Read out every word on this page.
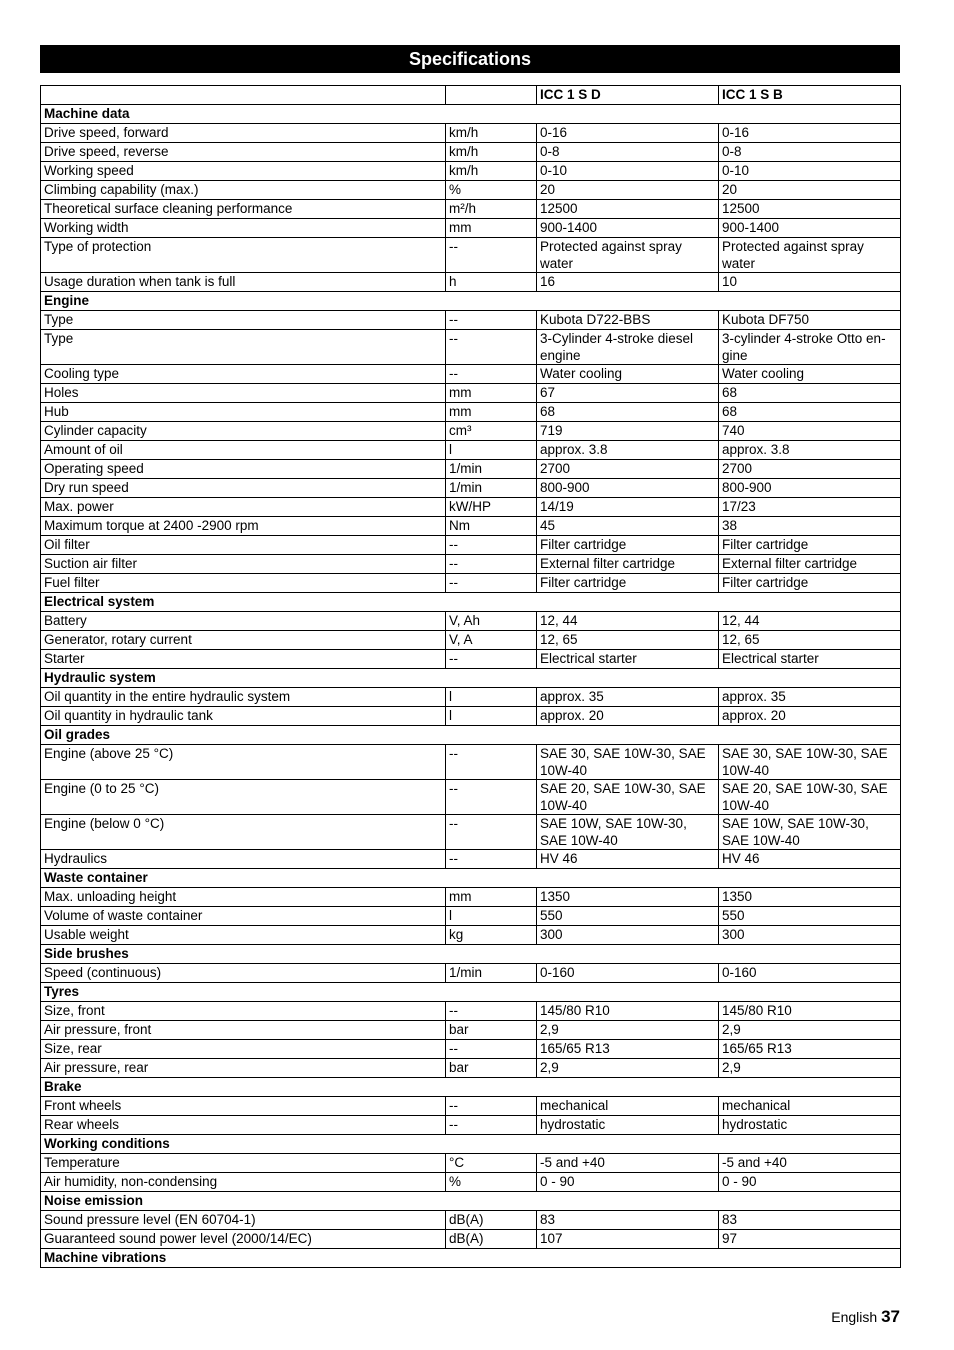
Specifications
		ICC 1 S D	ICC 1 S B
Machine data			
Drive speed, forward	km/h	0-16	0-16
Drive speed, reverse	km/h	0-8	0-8
Working speed	km/h	0-10	0-10
Climbing capability (max.)	%	20	20
Theoretical surface cleaning performance	m²/h	12500	12500
Working width	mm	900-1400	900-1400
Type of protection	--	Protected against spray water	Protected against spray water
Usage duration when tank is full	h	16	10
Engine			
Type	--	Kubota D722-BBS	Kubota DF750
Type	--	3-Cylinder 4-stroke diesel engine	3-cylinder 4-stroke Otto en-gine
Cooling type	--	Water cooling	Water cooling
Holes	mm	67	68
Hub	mm	68	68
Cylinder capacity	cm³	719	740
Amount of oil	l	approx. 3.8	approx. 3.8
Operating speed	1/min	2700	2700
Dry run speed	1/min	800-900	800-900
Max. power	kW/HP	14/19	17/23
Maximum torque at 2400 -2900 rpm	Nm	45	38
Oil filter	--	Filter cartridge	Filter cartridge
Suction air filter	--	External filter cartridge	External filter cartridge
Fuel filter	--	Filter cartridge	Filter cartridge
Electrical system			
Battery	V, Ah	12, 44	12, 44
Generator, rotary current	V, A	12, 65	12, 65
Starter	--	Electrical starter	Electrical starter
Hydraulic system			
Oil quantity in the entire hydraulic system	l	approx. 35	approx. 35
Oil quantity in hydraulic tank	l	approx. 20	approx. 20
Oil grades			
Engine (above 25 °C)	--	SAE 30, SAE 10W-30, SAE 10W-40	SAE 30, SAE 10W-30, SAE 10W-40
Engine (0 to 25 °C)	--	SAE 20, SAE 10W-30, SAE 10W-40	SAE 20, SAE 10W-30, SAE 10W-40
Engine (below 0 °C)	--	SAE 10W, SAE 10W-30, SAE 10W-40	SAE 10W, SAE 10W-30, SAE 10W-40
Hydraulics	--	HV 46	HV 46
Waste container			
Max. unloading height	mm	1350	1350
Volume of waste container	l	550	550
Usable weight	kg	300	300
Side brushes			
Speed (continuous)	1/min	0-160	0-160
Tyres			
Size, front	--	145/80 R10	145/80 R10
Air pressure, front	bar	2,9	2,9
Size, rear	--	165/65 R13	165/65 R13
Air pressure, rear	bar	2,9	2,9
Brake			
Front wheels	--	mechanical	mechanical
Rear wheels	--	hydrostatic	hydrostatic
Working conditions			
Temperature	°C	-5 and +40	-5 and +40
Air humidity, non-condensing	%	0 - 90	0 - 90
Noise emission			
Sound pressure level (EN 60704-1)	dB(A)	83	83
Guaranteed sound power level (2000/14/EC)	dB(A)	107	97
Machine vibrations			
English 37
